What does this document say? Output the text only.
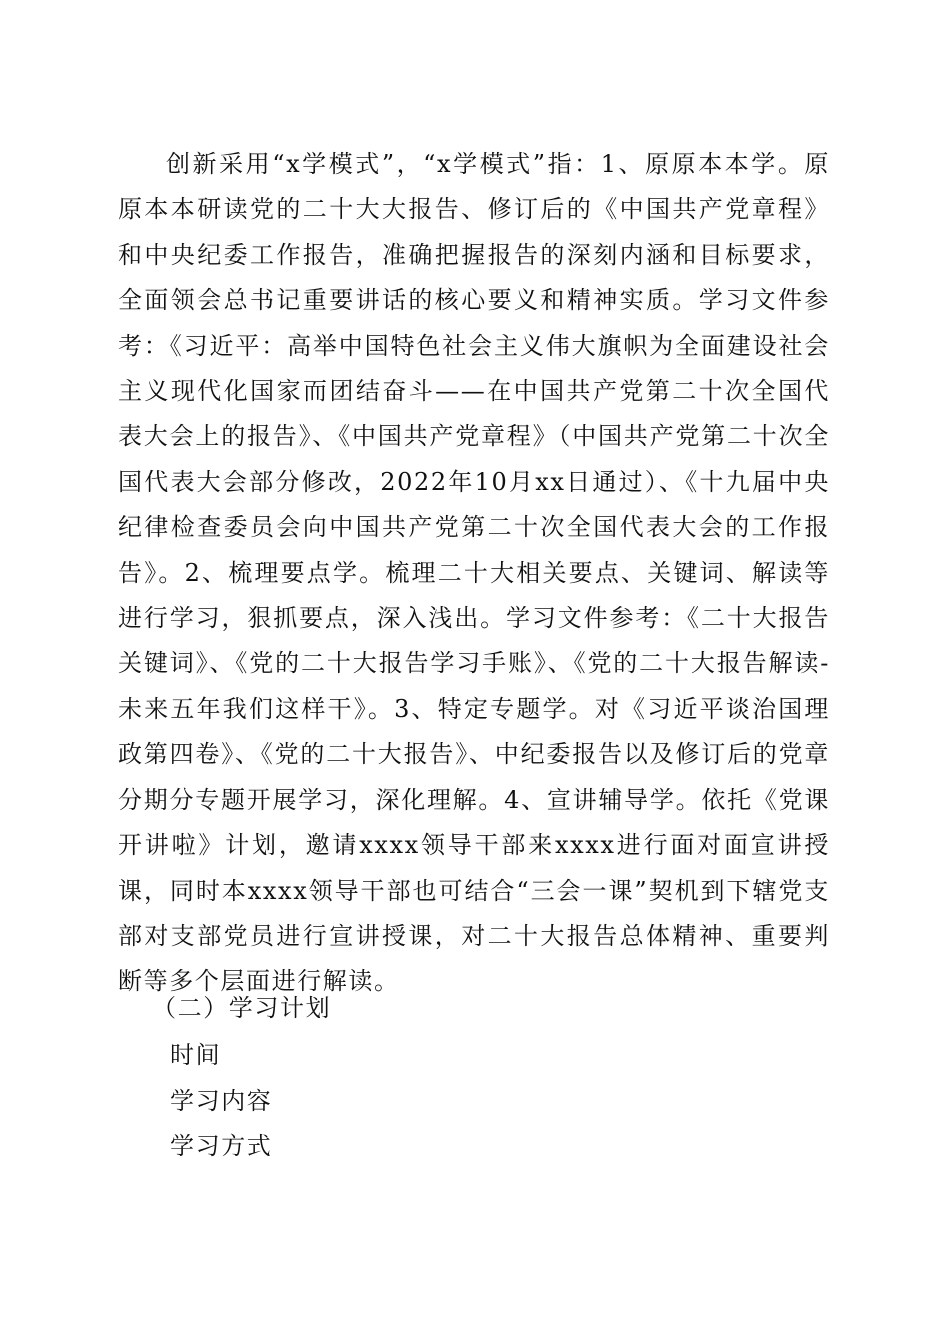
创新采用“x学模式”，“x学模式”指：1、原原本本学。原原本本研读党的二十大大报告、修订后的《中国共产党章程》和中央纪委工作报告，准确把握报告的深刻内涵和目标要求，全面领会总书记重要讲话的核心要义和精神实质。学习文件参考：《习近平：高举中国特色社会主义伟大旗帜为全面建设社会主义现代化国家而团结奋斗——在中国共产党第二十次全国代表大会上的报告》、《中国共产党章程》（中国共产党第二十次全国代表大会部分修改，2022年10月xx日通过）、《十九届中央纪律检查委员会向中国共产党第二十次全国代表大会的工作报告》。2、梳理要点学。梳理二十大相关要点、关键词、解读等进行学习，狠抓要点，深入浅出。学习文件参考：《二十大报告关键词》、《党的二十大报告学习手账》、《党的二十大报告解读-未来五年我们这样干》。3、特定专题学。对《习近平谈治国理政第四卷》、《党的二十大报告》、中纪委报告以及修订后的党章分期分专题开展学习，深化理解。4、宣讲辅导学。依托《党课开讲啦》计划，邀请xxxx领导干部来xxxx进行面对面宣讲授课，同时本xxxx领导干部也可结合“三会一课”契机到下辖党支部对支部党员进行宣讲授课，对二十大报告总体精神、重要判断等多个层面进行解读。

（二）学习计划

时间

学习内容

学习方式
